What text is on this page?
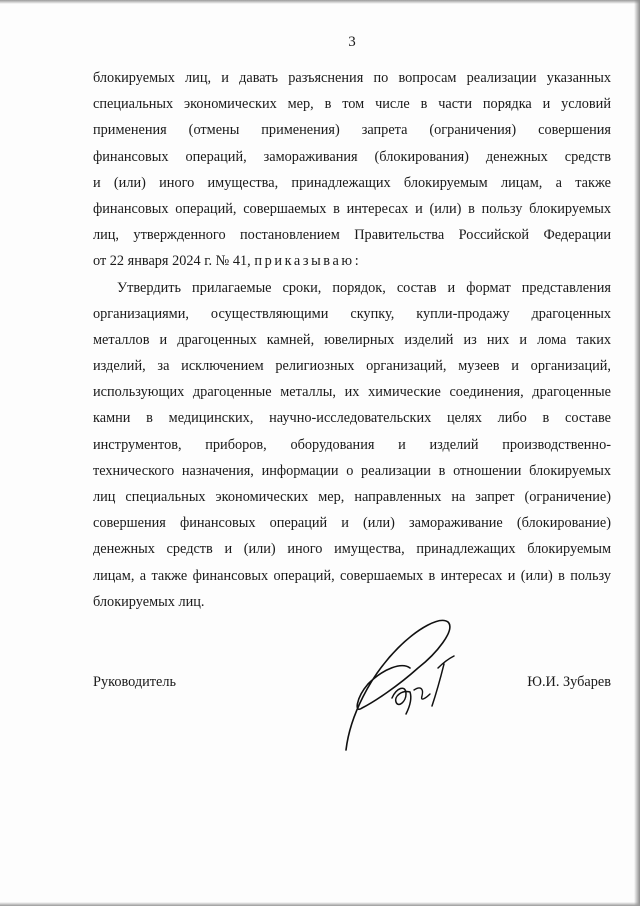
3
блокируемых лиц, и давать разъяснения по вопросам реализации указанных
специальных экономических мер, в том числе в части порядка и условий
применения (отмены применения) запрета (ограничения) совершения
финансовых операций, замораживания (блокирования) денежных средств
и (или) иного имущества, принадлежащих блокируемым лицам, а также
финансовых операций, совершаемых в интересах и (или) в пользу блокируемых
лиц, утвержденного постановлением Правительства Российской Федерации
от 22 января 2024 г. № 41, приказываю:
Утвердить прилагаемые сроки, порядок, состав и формат представления
организациями, осуществляющими скупку, купли-продажу драгоценных
металлов и драгоценных камней, ювелирных изделий из них и лома таких
изделий, за исключением религиозных организаций, музеев и организаций,
использующих драгоценные металлы, их химические соединения, драгоценные
камни в медицинских, научно-исследовательских целях либо в составе
инструментов, приборов, оборудования и изделий производственно-
технического назначения, информации о реализации в отношении блокируемых
лиц специальных экономических мер, направленных на запрет (ограничение)
совершения финансовых операций и (или) замораживание (блокирование)
денежных средств и (или) иного имущества, принадлежащих блокируемым
лицам, а также финансовых операций, совершаемых в интересах и (или) в пользу
блокируемых лиц.
Руководитель	Ю.И. Зубарев
